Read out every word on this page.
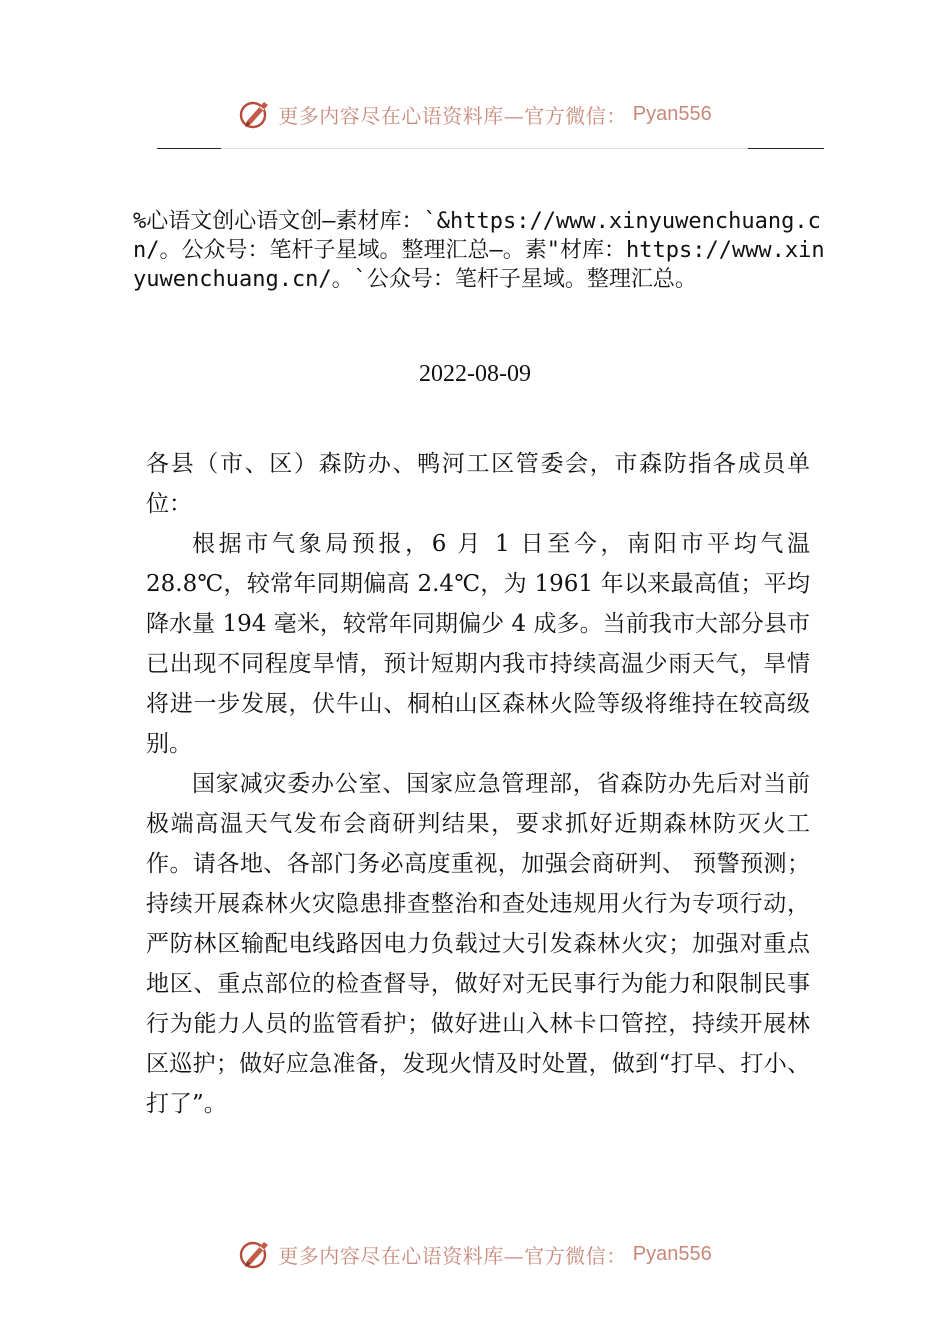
更多内容尽在心语资料库—官方微信： Pyan556

%心语文创心语文创—素材库：`&https://www.xinyuwenchuang.cn/。公众号：笔杆子星域。整理汇总—。素"材库：https://www.xinyuwenchuang.cn/。`公众号：笔杆子星域。整理汇总。

2022-08-09

各县（市、区）森防办、鸭河工区管委会，市森防指各成员单位：

根据市气象局预报，6 月 1 日至今，南阳市平均气温 28.8℃，较常年同期偏高 2.4℃，为 1961 年以来最高值；平均降水量 194 毫米，较常年同期偏少 4 成多。当前我市大部分县市已出现不同程度旱情，预计短期内我市持续高温少雨天气，旱情将进一步发展，伏牛山、桐柏山区森林火险等级将维持在较高级别。

国家减灾委办公室、国家应急管理部，省森防办先后对当前极端高温天气发布会商研判结果，要求抓好近期森林防灭火工作。请各地、各部门务必高度重视，加强会商研判、 预警预测；持续开展森林火灾隐患排查整治和查处违规用火行为专项行动，严防林区输配电线路因电力负载过大引发森林火灾；加强对重点地区、重点部位的检查督导，做好对无民事行为能力和限制民事行为能力人员的监管看护；做好进山入林卡口管控，持续开展林区巡护；做好应急准备，发现火情及时处置，做到“打早、打小、打了”。

更多内容尽在心语资料库—官方微信： Pyan556
